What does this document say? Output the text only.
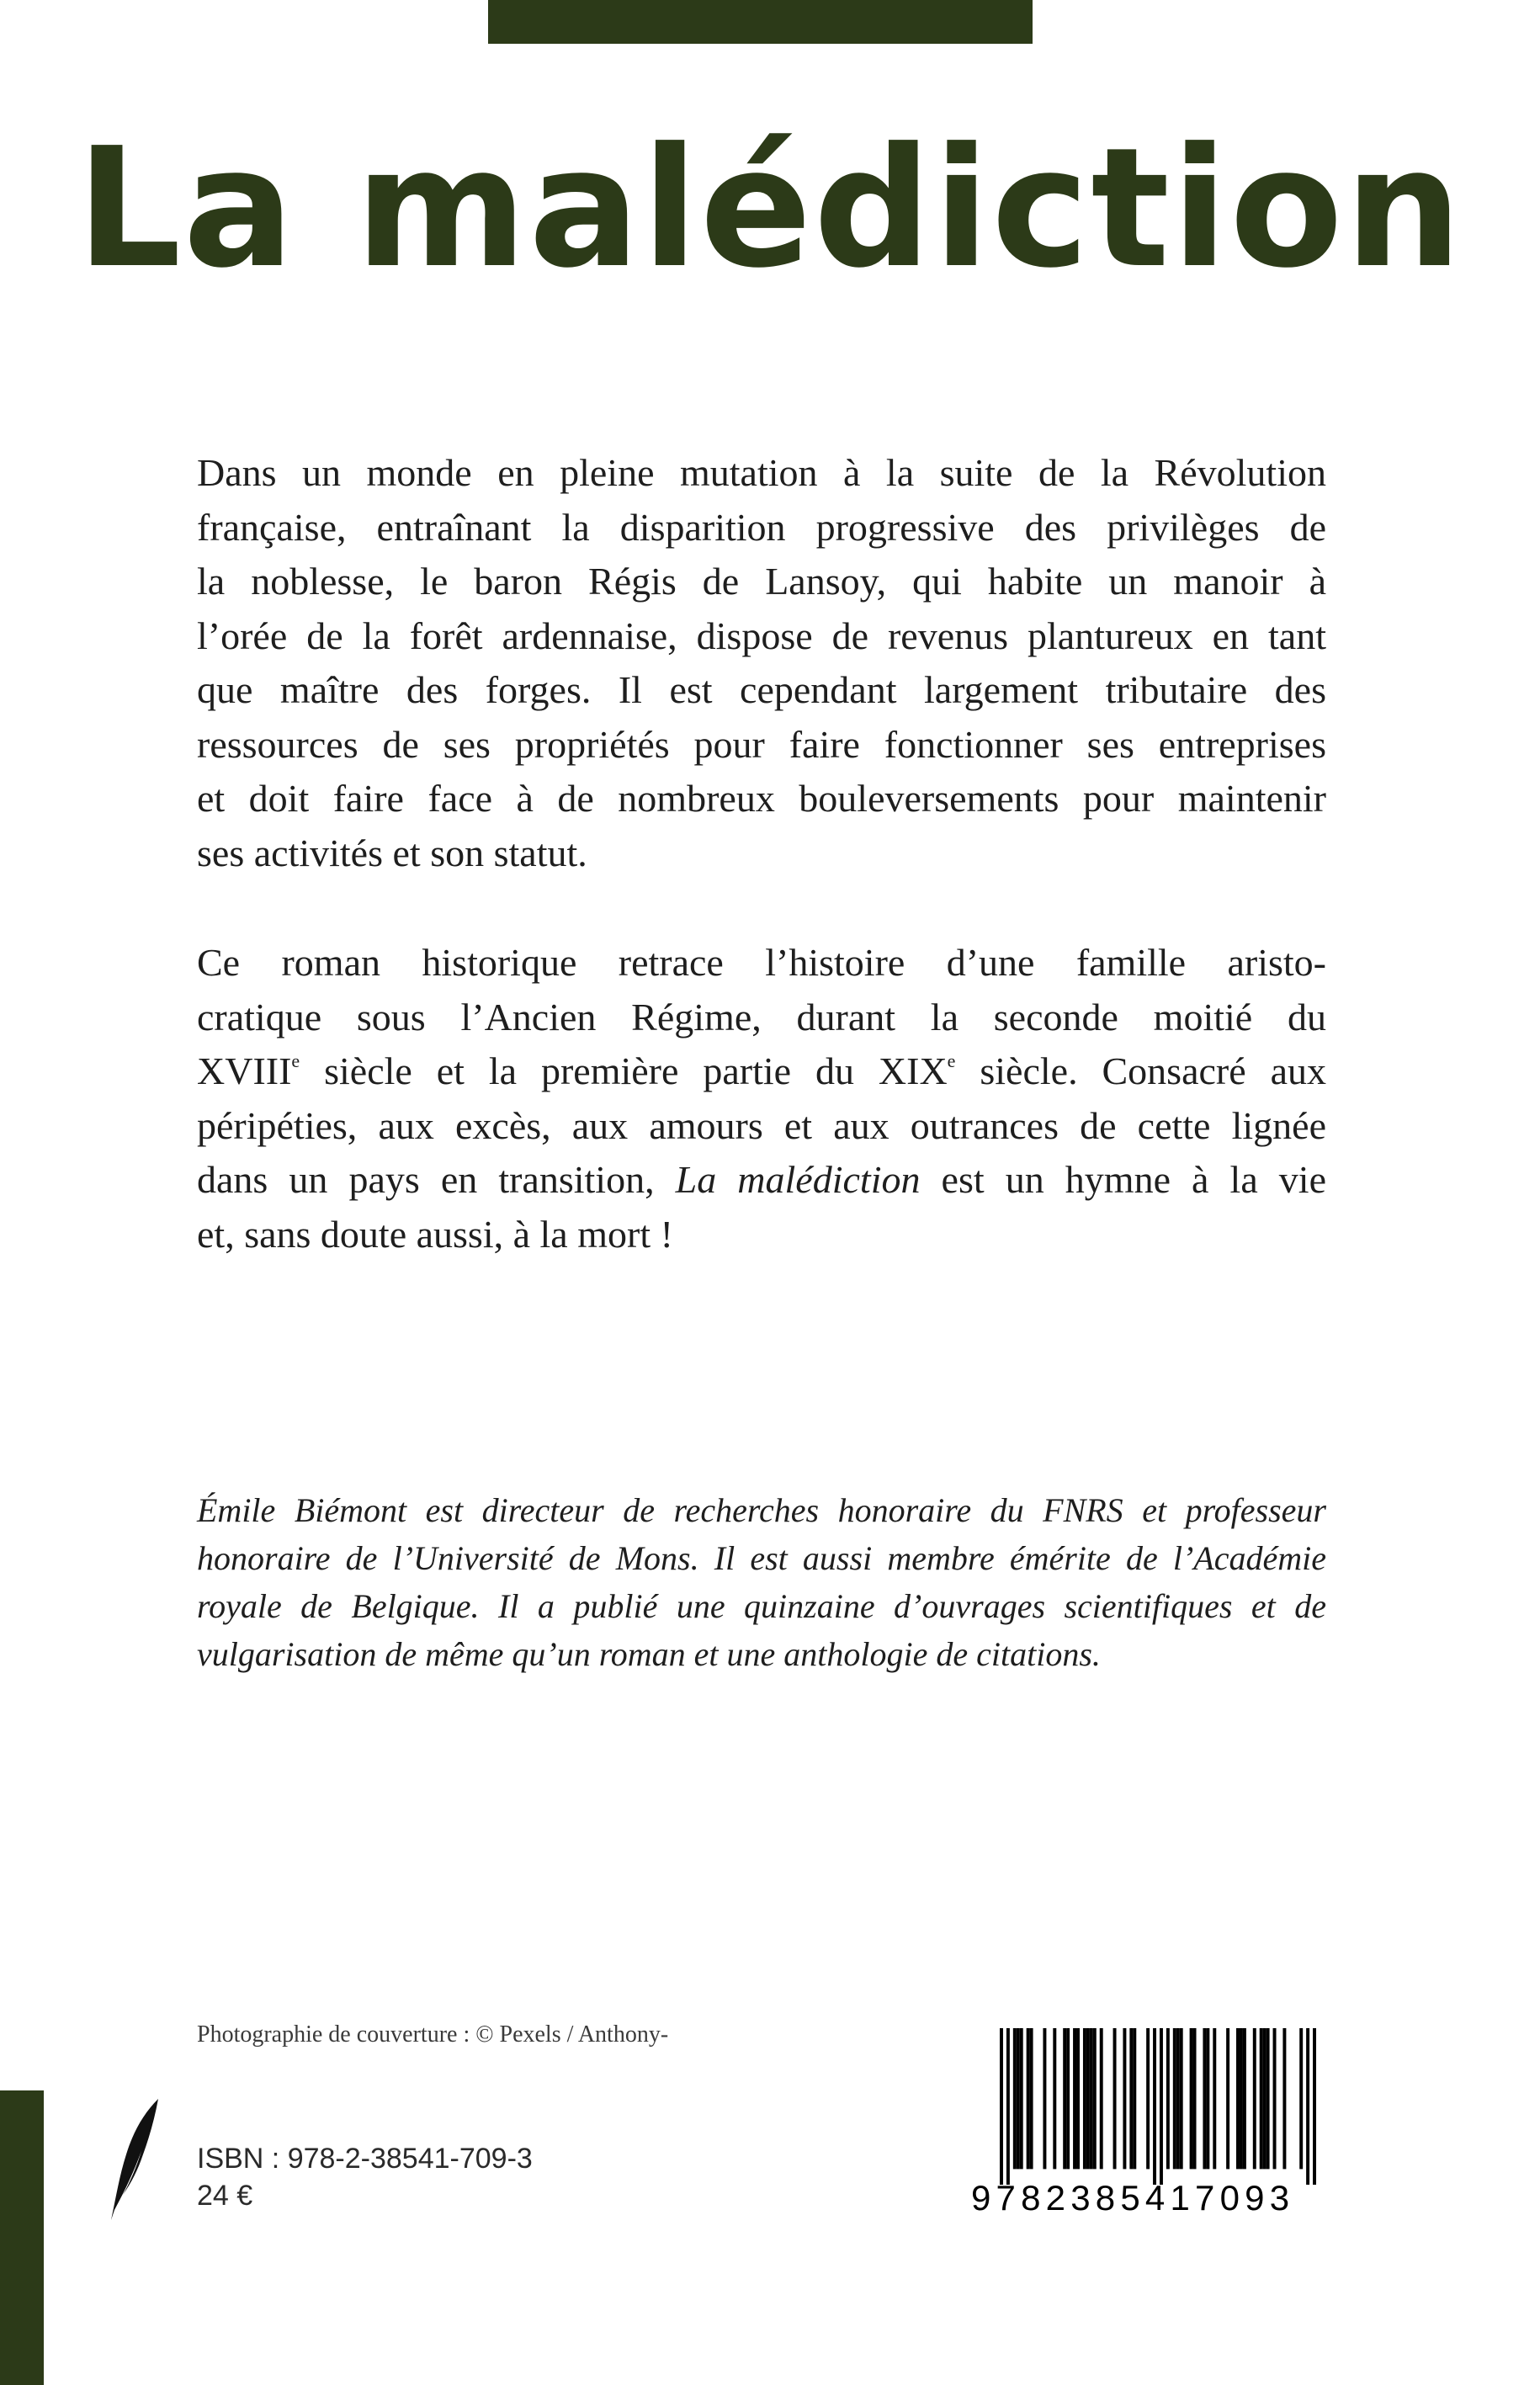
La malédiction
Dans un monde en pleine mutation à la suite de la Révolution
française, entraînant la disparition progressive des privilèges de
la noblesse, le baron Régis de Lansoy, qui habite un manoir à
l’orée de la forêt ardennaise, dispose de revenus plantureux en tant
que maître des forges. Il est cependant largement tributaire des
ressources de ses propriétés pour faire fonctionner ses entreprises
et doit faire face à de nombreux bouleversements pour maintenir
ses activités et son statut.
Ce roman historique retrace l’histoire d’une famille aristo-
cratique sous l’Ancien Régime, durant la seconde moitié du
XVIIIe siècle et la première partie du XIXe siècle. Consacré aux
péripéties, aux excès, aux amours et aux outrances de cette lignée
dans un pays en transition, La malédiction est un hymne à la vie
et, sans doute aussi, à la mort !
Émile Biémont est directeur de recherches honoraire du FNRS et professeur
honoraire de l’Université de Mons. Il est aussi membre émérite de l’Académie
royale de Belgique. Il a publié une quinzaine d’ouvrages scientifiques et de
vulgarisation de même qu’un roman et une anthologie de citations.
Photographie de couverture : © Pexels / Anthony-
ISBN : 978-2-38541-709-3
24 €	9782385417093
